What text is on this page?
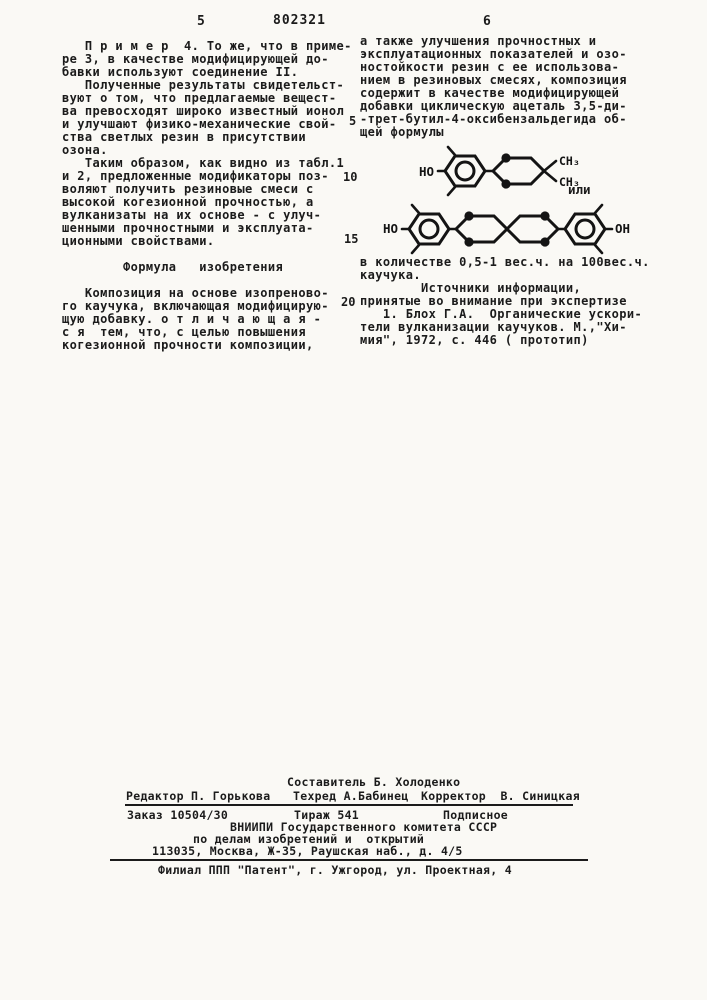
5	802321	6
П р и м е р  4. То же, что в приме-
ре 3, в качестве модифицирующей до-
бавки используют соединение II.
Полученные результаты свидетельст-
вуют о том, что предлагаемые вещест-
ва превосходят широко известный ионол
и улучшают физико-механические свой-
ства светлых резин в присутствии
озона.
Таким образом, как видно из табл.1
и 2, предложенные модификаторы поз-
воляют получить резиновые смеси с
высокой когезионной прочностью, а
вулканизаты на их основе - с улуч-
шенными прочностными и эксплуата-
ционными свойствами.

Формула   изобретения

Композиция на основе изопреново-
го каучука, включающая модифицирую-
щую добавку. о т л и ч а ю щ а я -
с я  тем, что, с целью повышения
когезионной прочности композиции,
а также улучшения прочностных и
эксплуатационных показателей и озо-
ностойкости резин с ее использова-
нием в резиновых смесях, композиция
содержит в качестве модифицирующей
добавки циклическую ацеталь 3,5-ди-
-трет-бутил-4-оксибензальдегида об-
щей формулы
в количестве 0,5-1 вес.ч. на 100вес.ч.
каучука.
Источники информации,
принятые во внимание при экспертизе
1. Блох Г.А.  Органические ускори-
тели вулканизации каучуков. М.,"Хи-
мия", 1972, с. 446 ( прототип)
5
10
15
20
HO
CH₃
CH₃
или
НО	ОН
Составитель Б. Холоденко
Редактор П. Горькова Техред А.Бабинец Корректор  В. Синицкая
Заказ 10504/30	Тираж 541	Подписное
ВНИИПИ Государственного комитета СССР
по делам изобретений и  открытий
113035, Москва, Ж-35, Раушская наб., д. 4/5
Филиал ППП "Патент", г. Ужгород, ул. Проектная, 4
